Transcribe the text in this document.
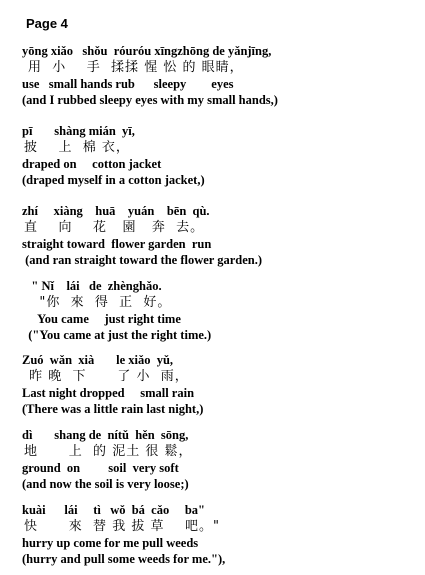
Page 4
yōng xiǎo   shǒu  róuróu xīngzhōng de yǎnjīng,
用  小    手  揉揉 惺 忪 的 眼睛，
use   small hands rub      sleepy        eyes
(and I rubbed sleepy eyes with my small hands,)
pī       shàng mián  yī,
披    上  棉 衣，
draped on     cotton jacket
(draped myself in a cotton jacket,)
zhí     xiàng    huā    yuán    bēn  qù.
直    向    花   園   奔  去。
straight toward  flower garden  run
(and ran straight toward the flower garden.)
" Nǐ    lái   de  zhènghǎo.
"你  來  得  正  好。
You came     just right time
("You came at just the right time.)
Zuó  wǎn  xià       le xiǎo  yǔ,
昨 晚  下      了 小  雨，
Last night dropped     small rain
(There was a little rain last night,)
dì       shang de  nítǔ  hěn  sōng,
地      上  的 泥土 很 鬆，
ground  on         soil  very soft
(and now the soil is very loose;)
kuài      lái     tì   wǒ  bá  cǎo     ba"
快      來  替 我 拔 草    吧。"
hurry up come for me pull weeds
(hurry and pull some weeds for me."),
